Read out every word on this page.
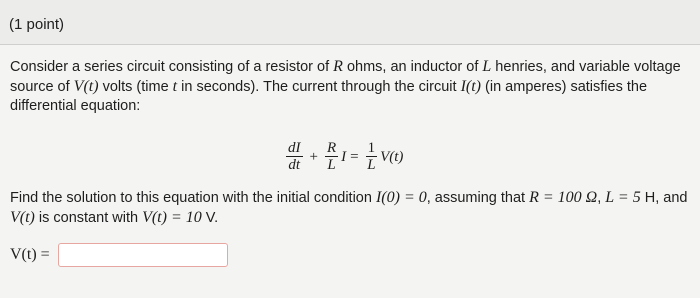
(1 point)
Consider a series circuit consisting of a resistor of R ohms, an inductor of L henries, and variable voltage source of V(t) volts (time t in seconds). The current through the circuit I(t) (in amperes) satisfies the differential equation:
$\frac{dI}{dt} + \frac{R}{L}$ $I = \frac{1}{L} V(t)$
Find the solution to this equation with the initial condition I(0) = 0, assuming that R = 100 Ω, L = 5 H, and V(t) is constant with V(t) = 10 V.
V(t) =
